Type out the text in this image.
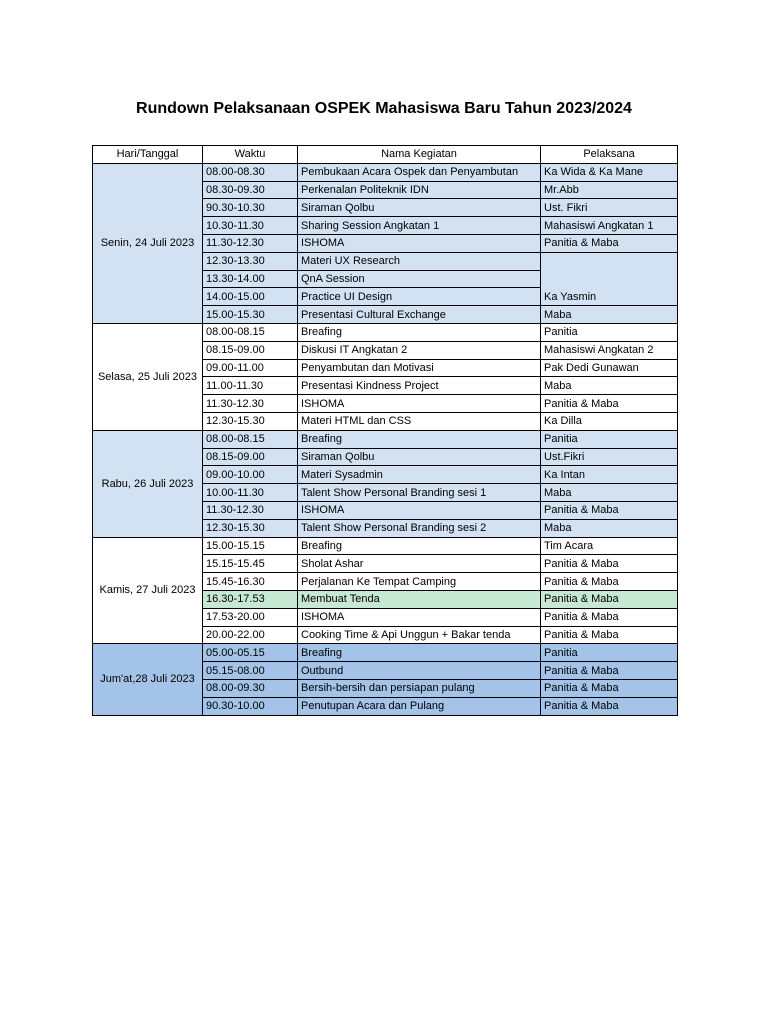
Rundown Pelaksanaan OSPEK Mahasiswa Baru Tahun 2023/2024
Hari/Tanggal	Waktu	Nama Kegiatan	Pelaksana
Senin, 24 Juli 2023	08.00-08.30	Pembukaan Acara Ospek dan Penyambutan	Ka Wida & Ka Mane
	08.30-09.30	Perkenalan Politeknik IDN	Mr.Abb
	90.30-10.30	Siraman Qolbu	Ust. Fikri
	10.30-11.30	Sharing Session Angkatan 1	Mahasiswi Angkatan 1
	11.30-12.30	ISHOMA	Panitia & Maba
	12.30-13.30	Materi UX Research	Ka Yasmin
	13.30-14.00	QnA Session	
	14.00-15.00	Practice UI Design	
	15.00-15.30	Presentasi Cultural Exchange	Maba
Selasa, 25 Juli 2023	08.00-08.15	Breafing	Panitia
	08.15-09.00	Diskusi IT Angkatan 2	Mahasiswi Angkatan 2
	09.00-11.00	Penyambutan dan Motivasi	Pak Dedi Gunawan
	11.00-11.30	Presentasi Kindness Project	Maba
	11.30-12.30	ISHOMA	Panitia & Maba
	12.30-15.30	Materi HTML dan CSS	Ka Dilla
Rabu, 26 Juli 2023	08.00-08.15	Breafing	Panitia
	08.15-09.00	Siraman Qolbu	Ust.Fikri
	09.00-10.00	Materi Sysadmin	Ka Intan
	10.00-11.30	Talent Show Personal Branding sesi 1	Maba
	11.30-12.30	ISHOMA	Panitia & Maba
	12.30-15.30	Talent Show Personal Branding sesi 2	Maba
Kamis, 27 Juli 2023	15.00-15.15	Breafing	Tim Acara
	15.15-15.45	Sholat Ashar	Panitia & Maba
	15.45-16.30	Perjalanan Ke Tempat Camping	Panitia & Maba
	16.30-17.53	Membuat Tenda	Panitia & Maba
	17.53-20.00	ISHOMA	Panitia & Maba
	20.00-22.00	Cooking Time & Api Unggun + Bakar tenda	Panitia & Maba
Jum'at,28 Juli 2023	05.00-05.15	Breafing	Panitia
	05.15-08.00	Outbund	Panitia & Maba
	08.00-09.30	Bersih-bersih dan persiapan pulang	Panitia & Maba
	90.30-10.00	Penutupan Acara dan Pulang	Panitia & Maba
